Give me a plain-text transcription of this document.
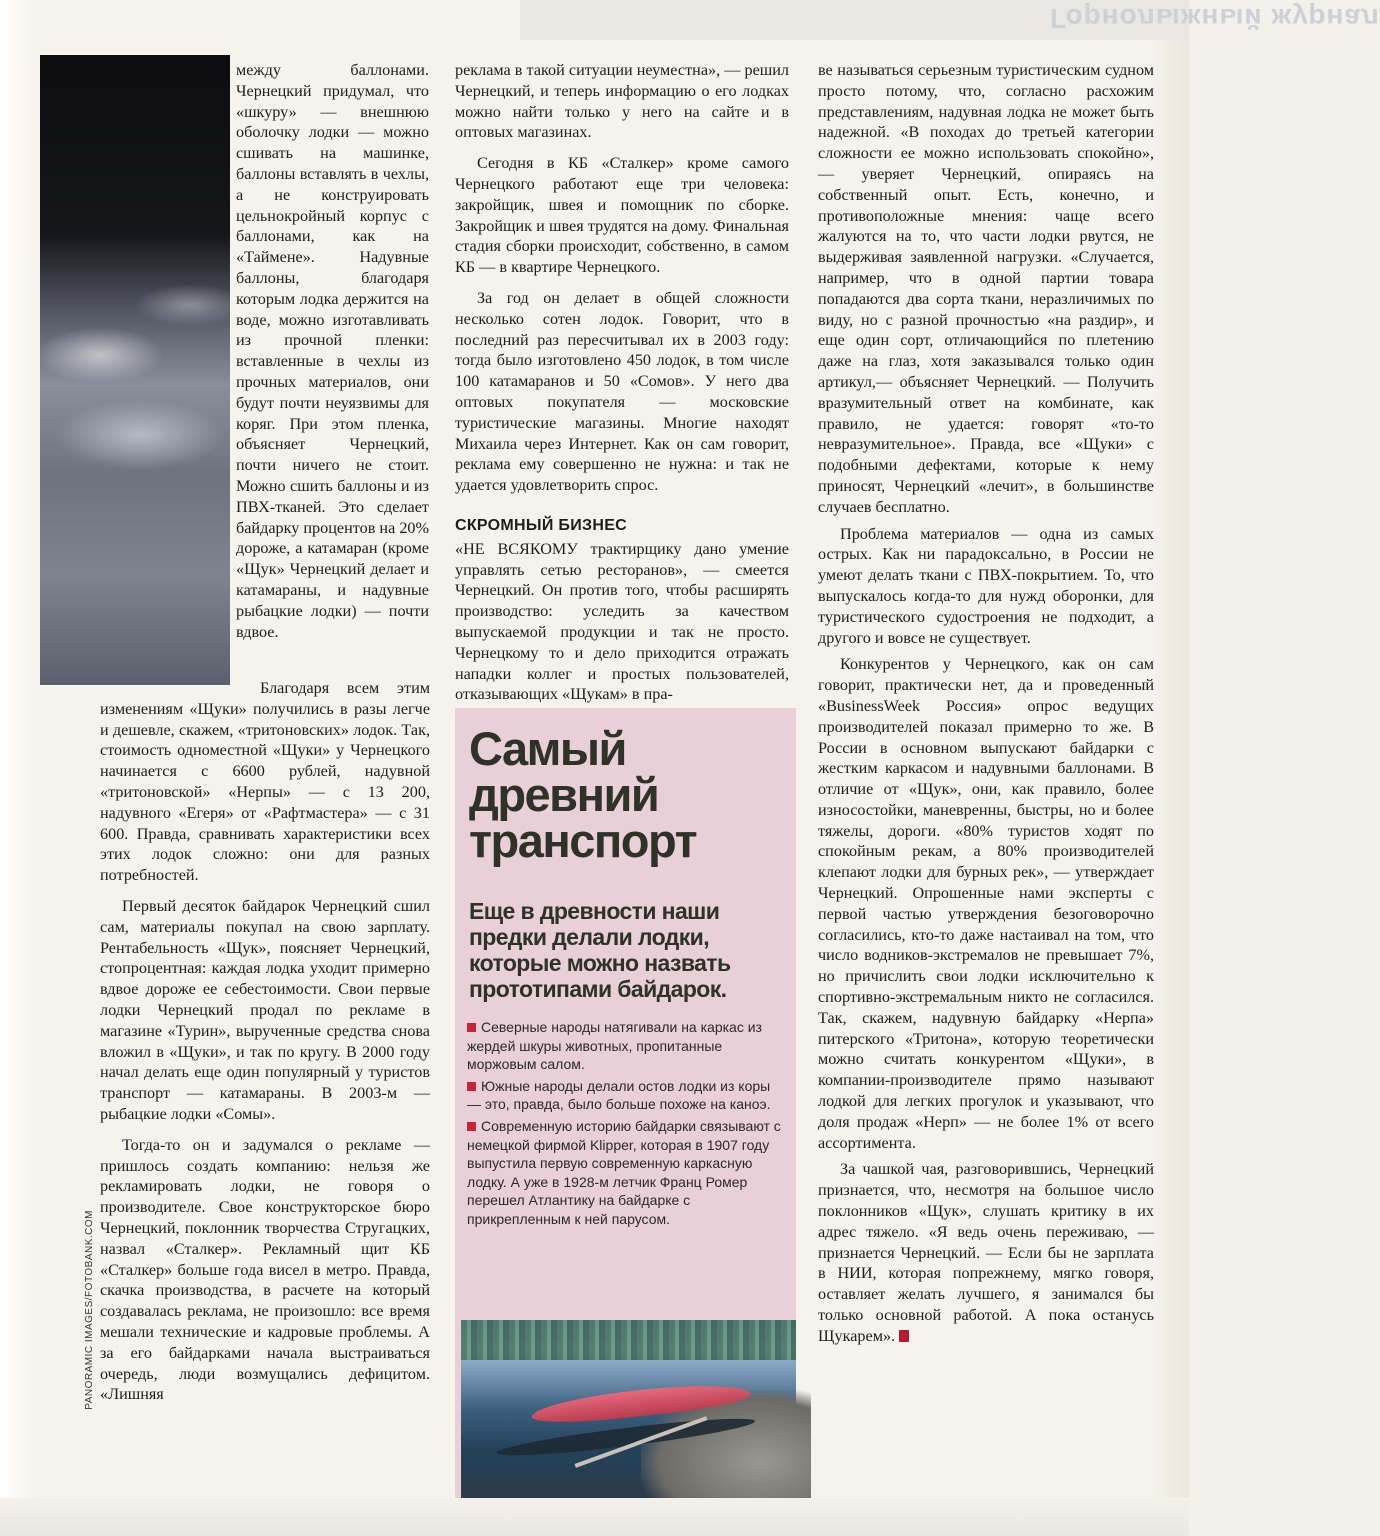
Горнолыжный журнал
PANORAMIC IMAGES/FOTOBANK.COM

между баллонами. Чернецкий придумал, что «шкуру» — внешнюю оболочку лодки — можно сшивать на машинке, баллоны вставлять в чехлы, а не конструировать цельнокройный корпус с баллонами, как на «Таймене». Надувные баллоны, благодаря которым лодка держится на воде, можно изготавливать из прочной пленки: вставленные в чехлы из прочных материалов, они будут почти неуязвимы для коряг. При этом пленка, объясняет Чернецкий, почти ничего не стоит. Можно сшить баллоны и из ПВХ-тканей. Это сделает байдарку процентов на 20% дороже, а катамаран (кроме «Щук» Чернецкий делает и катамараны, и надувные рыбацкие лодки) — почти вдвое.

Благодаря всем этим изменениям «Щуки» получились в разы легче и дешевле, скажем, «тритоновских» лодок. Так, стоимость одноместной «Щуки» у Чернецкого начинается с 6600 рублей, надувной «тритоновской» «Нерпы» — с 13 200, надувного «Егеря» от «Рафтмастера» — с 31 600. Правда, сравнивать характеристики всех этих лодок сложно: они для разных потребностей.

Первый десяток байдарок Чернецкий сшил сам, материалы покупал на свою зарплату. Рентабельность «Щук», поясняет Чернецкий, стопроцентная: каждая лодка уходит примерно вдвое дороже ее себестоимости. Свои первые лодки Чернецкий продал по рекламе в магазине «Турин», вырученные средства снова вложил в «Щуки», и так по кругу. В 2000 году начал делать еще один популярный у туристов транспорт — катамараны. В 2003-м — рыбацкие лодки «Сомы».

Тогда-то он и задумался о рекламе — пришлось создать компанию: нельзя же рекламировать лодки, не говоря о производителе. Свое конструкторское бюро Чернецкий, поклонник творчества Стругацких, назвал «Сталкер». Рекламный щит КБ «Сталкер» больше года висел в метро. Правда, скачка производства, в расчете на который создавалась реклама, не произошло: все время мешали технические и кадровые проблемы. А за его байдарками начала выстраиваться очередь, люди возмущались дефицитом. «Лишняя

реклама в такой ситуации неуместна», — решил Чернецкий, и теперь информацию о его лодках можно найти только у него на сайте и в оптовых магазинах.

Сегодня в КБ «Сталкер» кроме самого Чернецкого работают еще три человека: закройщик, швея и помощник по сборке. Закройщик и швея трудятся на дому. Финальная стадия сборки происходит, собственно, в самом КБ — в квартире Чернецкого.

За год он делает в общей сложности несколько сотен лодок. Говорит, что в последний раз пересчитывал их в 2003 году: тогда было изготовлено 450 лодок, в том числе 100 катамаранов и 50 «Сомов». У него два оптовых покупателя — московские туристические магазины. Многие находят Михаила через Интернет. Как он сам говорит, реклама ему совершенно не нужна: и так не удается удовлетворить спрос.

СКРОМНЫЙ БИЗНЕС

«НЕ ВСЯКОМУ трактирщику дано умение управлять сетью ресторанов», — смеется Чернецкий. Он против того, чтобы расширять производство: уследить за качеством выпускаемой продукции и так не просто. Чернецкому то и дело приходится отражать нападки коллег и простых пользователей, отказывающих «Щукам» в пра-

Самый древний транспорт
Еще в древности наши предки делали лодки, которые можно назвать прототипами байдарок.
Северные народы натягивали на каркас из жердей шкуры животных, пропитанные моржовым салом.
Южные народы делали остов лодки из коры — это, правда, было больше похоже на каноэ.
Современную историю байдарки связывают с немецкой фирмой Klipper, которая в 1907 году выпустила первую современную каркасную лодку. А уже в 1928-м летчик Франц Ромер перешел Атлантику на байдарке с прикрепленным к ней парусом.

ве называться серьезным туристическим судном просто потому, что, согласно расхожим представлениям, надувная лодка не может быть надежной. «В походах до третьей категории сложности ее можно использовать спокойно», — уверяет Чернецкий, опираясь на собственный опыт. Есть, конечно, и противоположные мнения: чаще всего жалуются на то, что части лодки рвутся, не выдерживая заявленной нагрузки. «Случается, например, что в одной партии товара попадаются два сорта ткани, неразличимых по виду, но с разной прочностью «на раздир», и еще один сорт, отличающийся по плетению даже на глаз, хотя заказывался только один артикул,— объясняет Чернецкий. — Получить вразумительный ответ на комбинате, как правило, не удается: говорят «то-то невразумительное». Правда, все «Щуки» с подобными дефектами, которые к нему приносят, Чернецкий «лечит», в большинстве случаев бесплатно.

Проблема материалов — одна из самых острых. Как ни парадоксально, в России не умеют делать ткани с ПВХ-покрытием. То, что выпускалось когда-то для нужд оборонки, для туристического судостроения не подходит, а другого и вовсе не существует.

Конкурентов у Чернецкого, как он сам говорит, практически нет, да и проведенный «BusinessWeek Россия» опрос ведущих производителей показал примерно то же. В России в основном выпускают байдарки с жестким каркасом и надувными баллонами. В отличие от «Щук», они, как правило, более износостойки, маневренны, быстры, но и более тяжелы, дороги. «80% туристов ходят по спокойным рекам, а 80% производителей клепают лодки для бурных рек», — утверждает Чернецкий. Опрошенные нами эксперты с первой частью утверждения безоговорочно согласились, кто-то даже настаивал на том, что число водников-экстремалов не превышает 7%, но причислить свои лодки исключительно к спортивно-экстремальным никто не согласился. Так, скажем, надувную байдарку «Нерпа» питерского «Тритона», которую теоретически можно считать конкурентом «Щуки», в компании-производителе прямо называют лодкой для легких прогулок и указывают, что доля продаж «Нерп» — не более 1% от всего ассортимента.

За чашкой чая, разговорившись, Чернецкий признается, что, несмотря на большое число поклонников «Щук», слушать критику в их адрес тяжело. «Я ведь очень переживаю, — признается Чернецкий. — Если бы не зарплата в НИИ, которая попрежнему, мягко говоря, оставляет желать лучшего, я занимался бы только основной работой. А пока останусь Щукарем».
